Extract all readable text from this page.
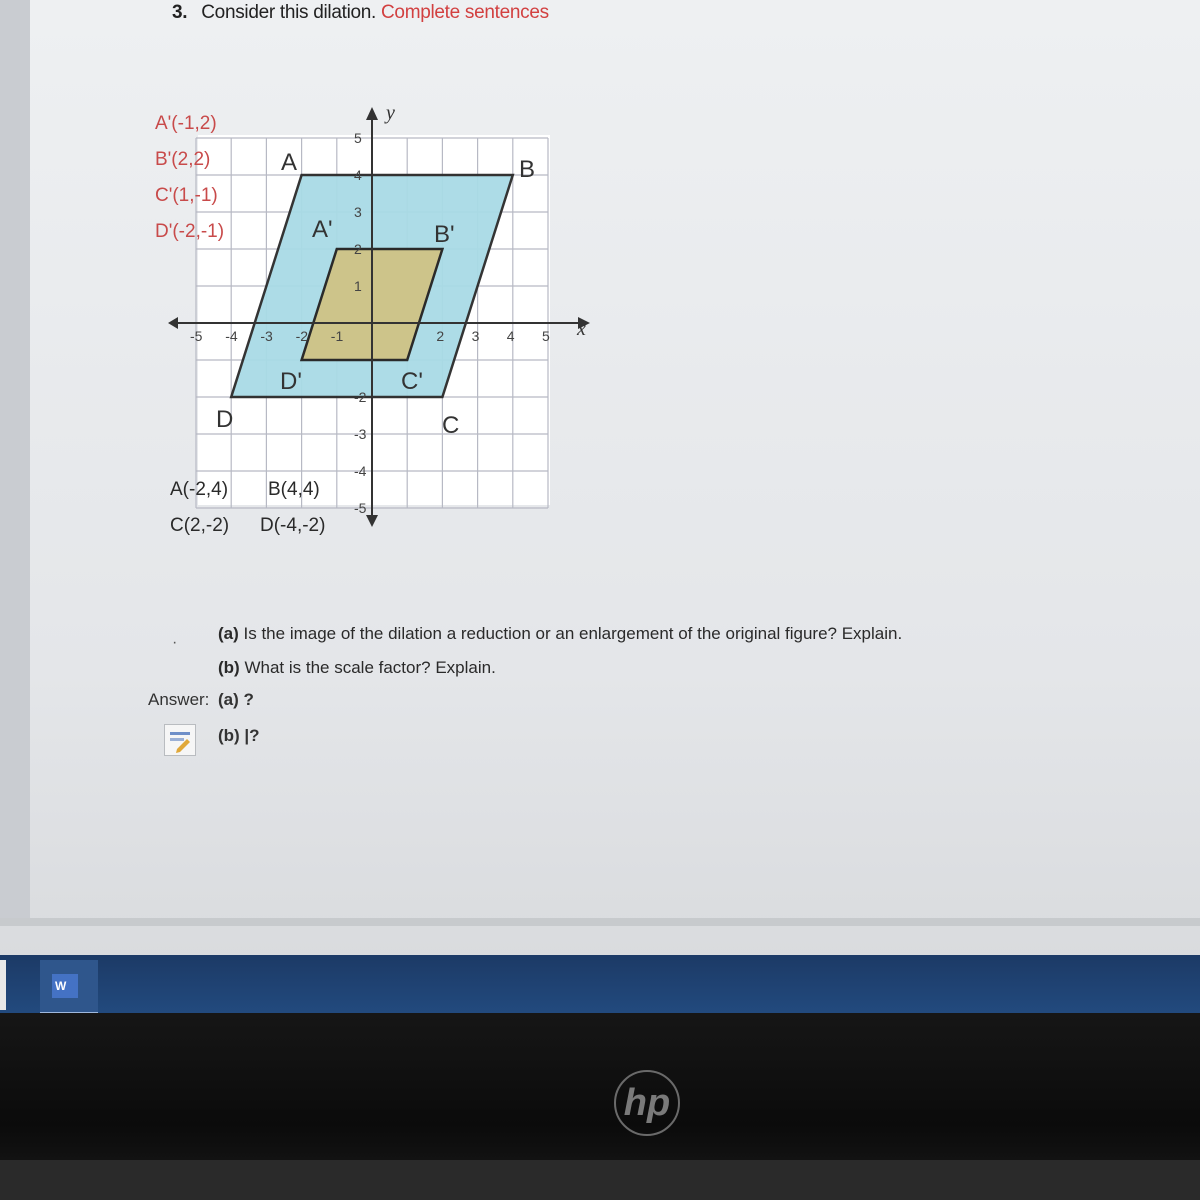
3. Consider this dilation. Complete sentences
x
y
-5 -4 -3 -2 -1	2 3 4 5
5
4
3
2
1
-2
-3
-4
-5
A'(-1,2)
B'(2,2)
C'(1,-1)
D'(-2,-1)
A	B
C
D
A'	B'
C'
D'
A(-2,4) B(4,4)
C(2,-2) D(-4,-2)
· (a) Is the image of the dilation a reduction or an enlargement of the original figure? Explain.
(b) What is the scale factor? Explain.
Answer: (a) ?
(b) |?
W
hp
